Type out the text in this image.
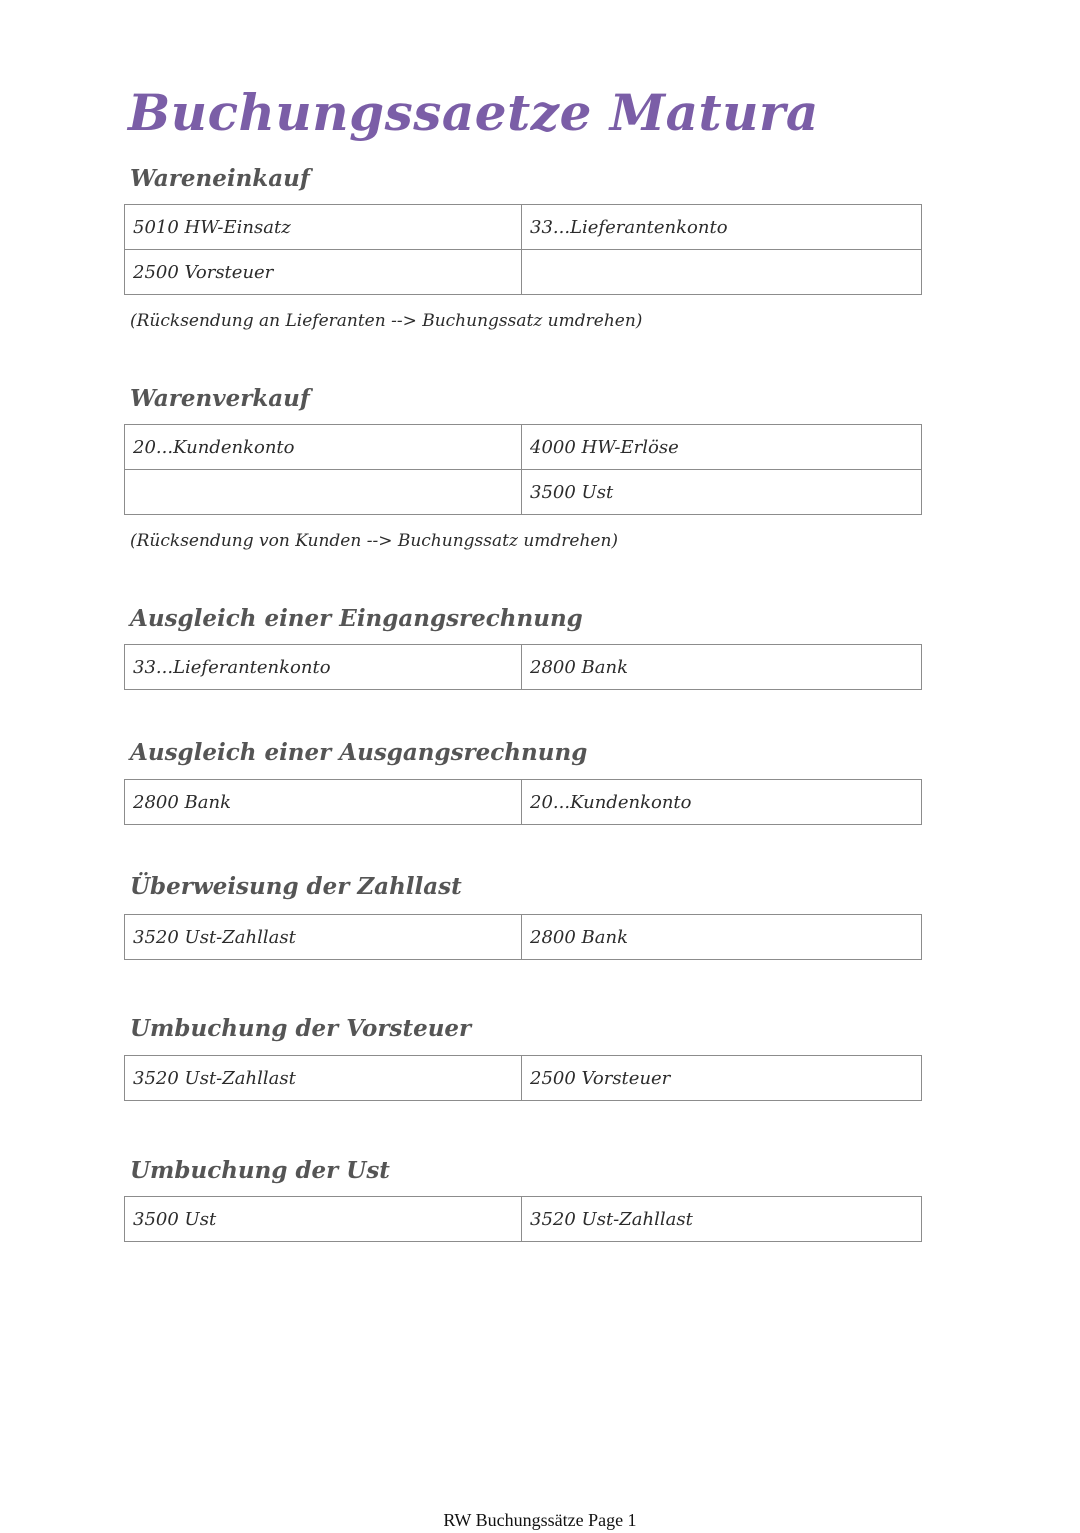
Buchungssaetze Matura
Wareneinkauf
5010 HW-Einsatz	33...Lieferantenkonto
2500 Vorsteuer	

(Rücksendung an Lieferanten --> Buchungssatz umdrehen)

Warenverkauf
20...Kundenkonto	4000 HW-Erlöse
	3500 Ust

(Rücksendung von Kunden --> Buchungssatz umdrehen)

Ausgleich einer Eingangsrechnung
33...Lieferantenkonto	2800 Bank
Ausgleich einer Ausgangsrechnung
2800 Bank	20...Kundenkonto
Überweisung der Zahllast
3520 Ust-Zahllast	2800 Bank
Umbuchung der Vorsteuer
3520 Ust-Zahllast	2500 Vorsteuer
Umbuchung der Ust
3500 Ust	3520 Ust-Zahllast
RW Buchungssätze Page 1
